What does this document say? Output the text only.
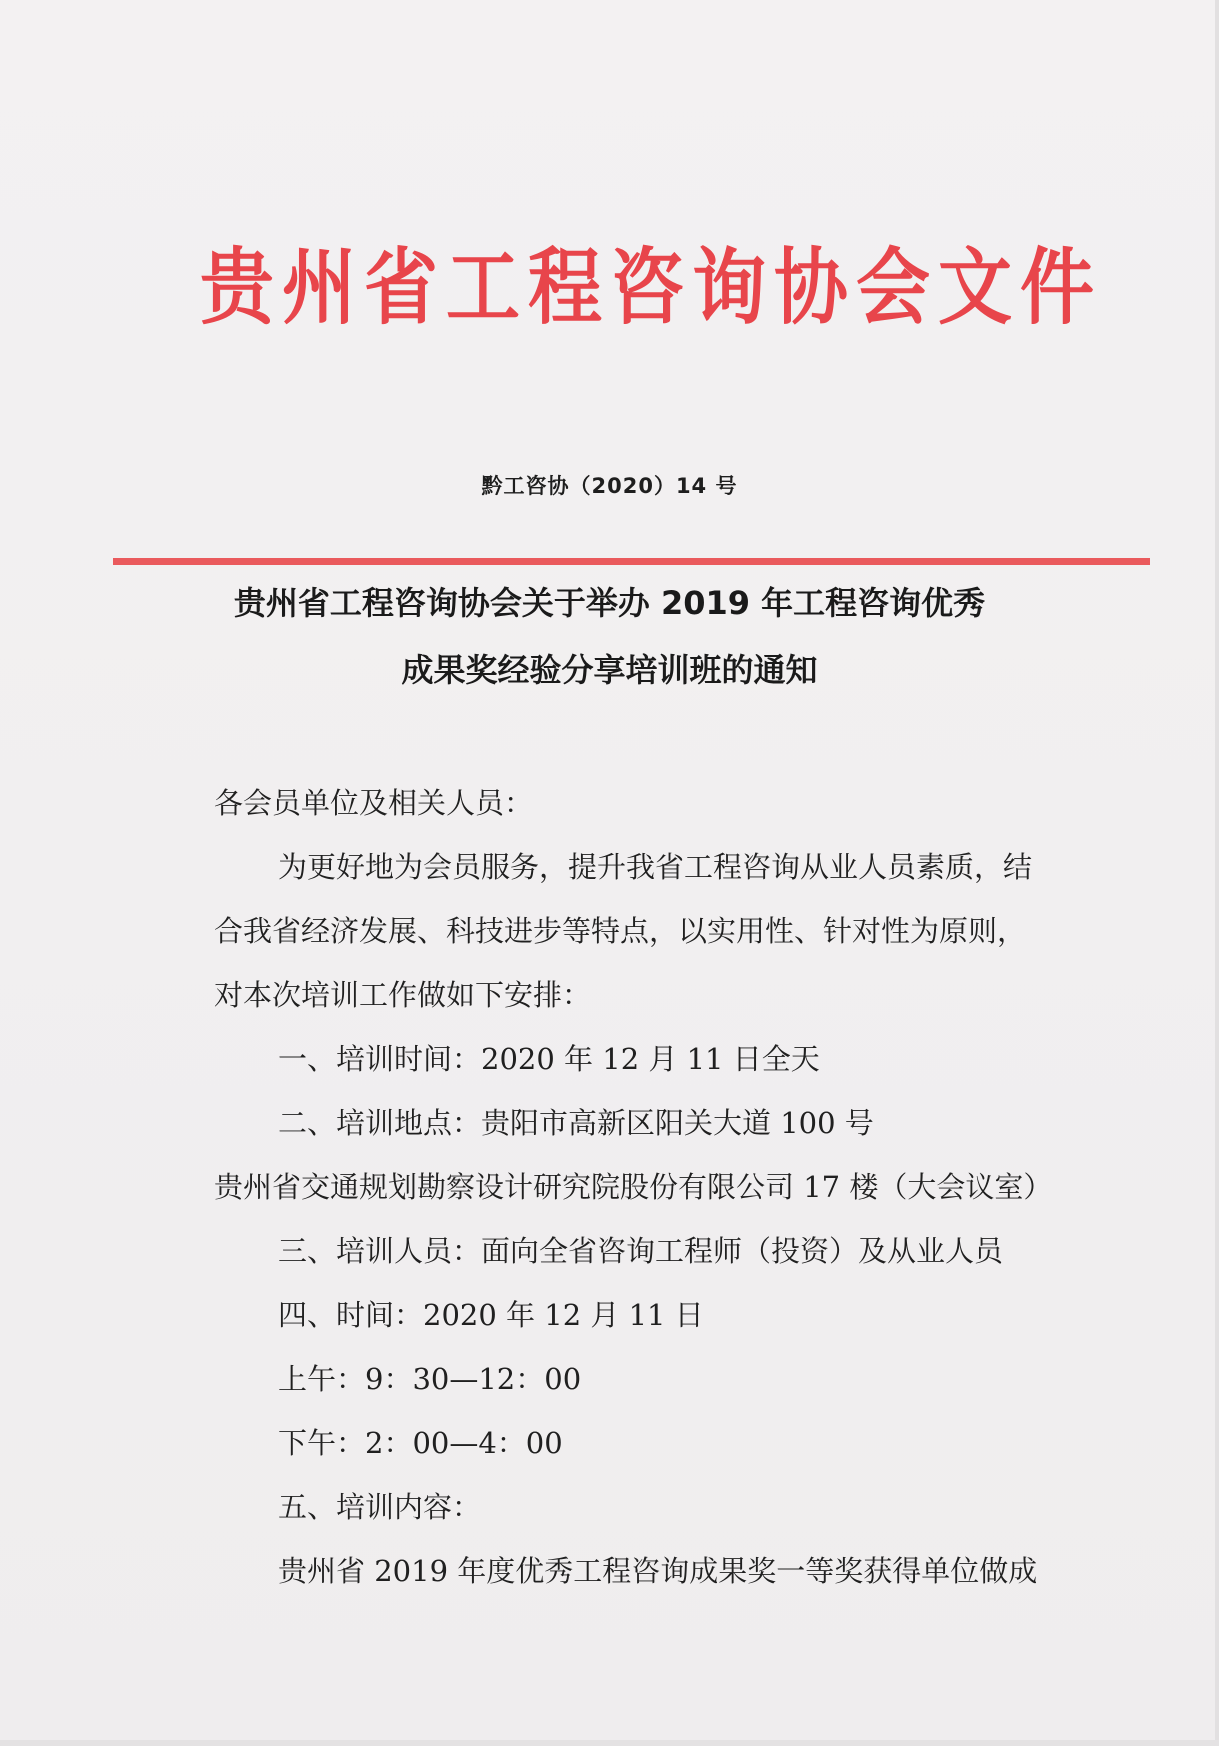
贵州省工程咨询协会文件
黔工咨协（2020）14 号
贵州省工程咨询协会关于举办 2019 年工程咨询优秀
成果奖经验分享培训班的通知
各会员单位及相关人员：
为更好地为会员服务，提升我省工程咨询从业人员素质，结
合我省经济发展、科技进步等特点，以实用性、针对性为原则，
对本次培训工作做如下安排：
一、培训时间：2020 年 12 月 11 日全天
二、培训地点：贵阳市高新区阳关大道 100 号
贵州省交通规划勘察设计研究院股份有限公司 17 楼（大会议室）
三、培训人员：面向全省咨询工程师（投资）及从业人员
四、时间：2020 年 12 月 11 日
上午：9：30—12：00
下午：2：00—4：00
五、培训内容：
贵州省 2019 年度优秀工程咨询成果奖一等奖获得单位做成
